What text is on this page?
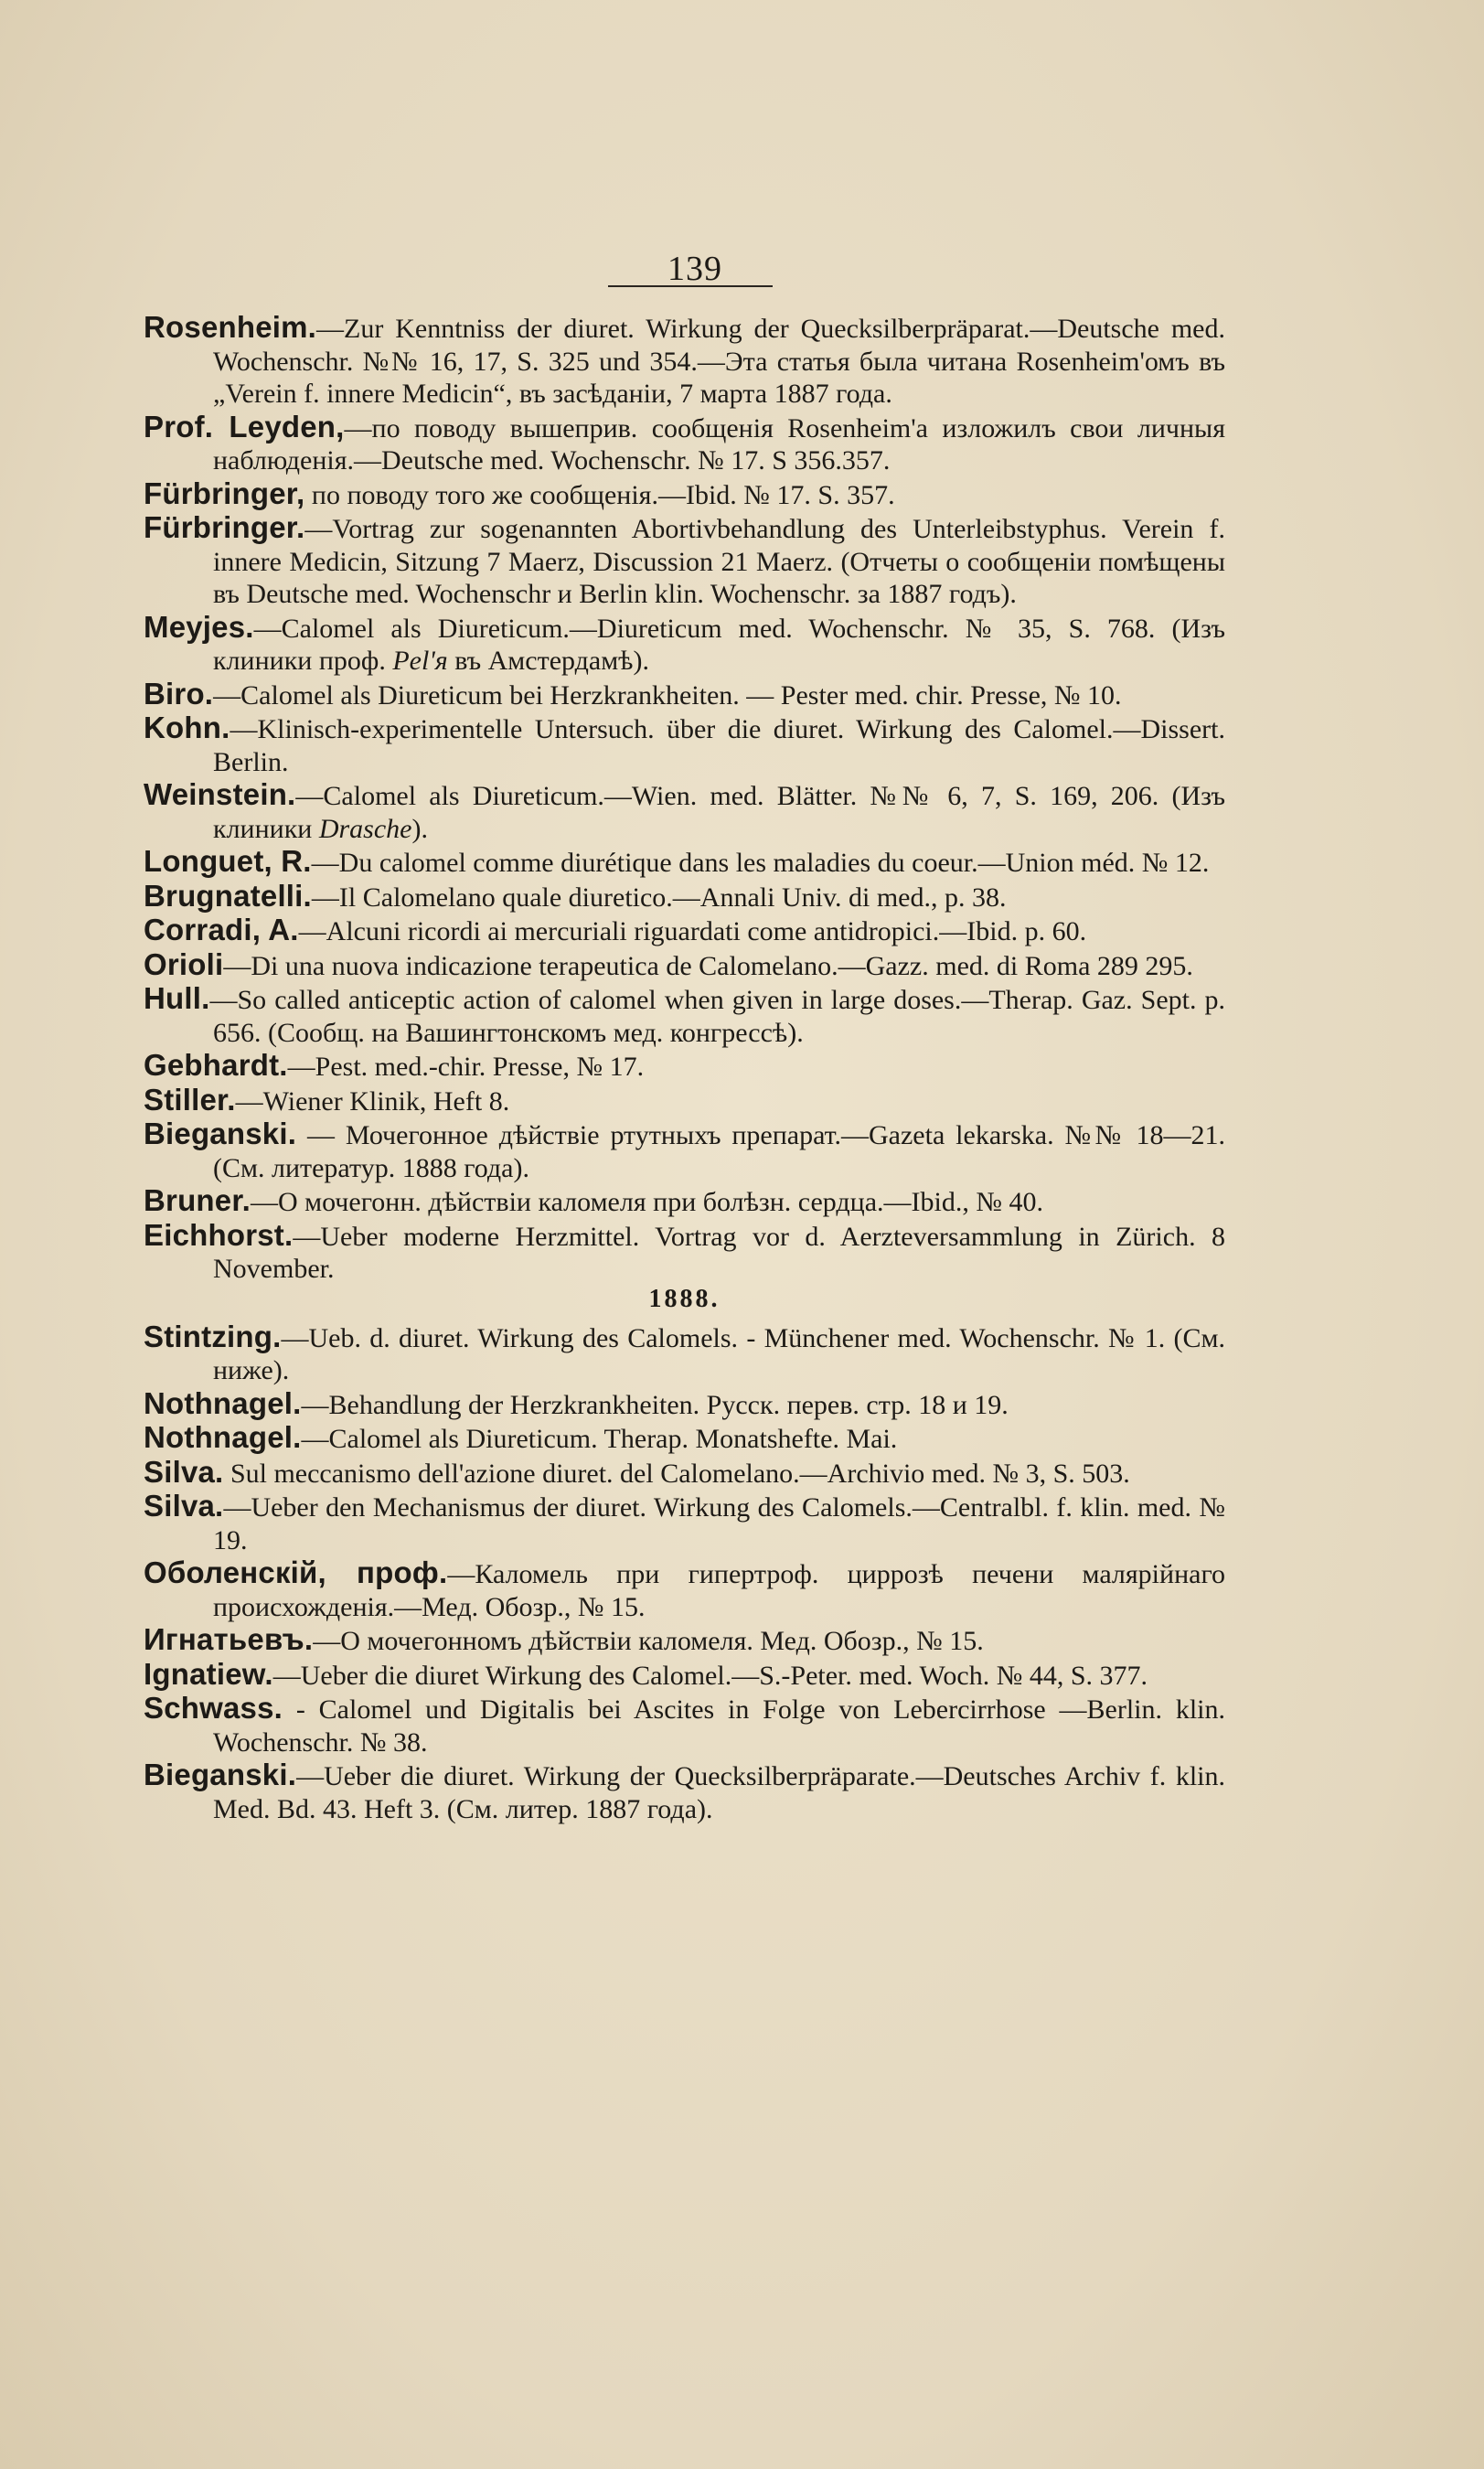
139
Rosenheim.—Zur Kenntniss der diuret. Wirkung der Quecksilberpräparat.—Deutsche med. Wochenschr. №№ 16, 17, S. 325 und 354.—Эта статья была читана Rosenheim'омъ въ „Verein f. innere Medicin“, въ засѣданіи, 7 марта 1887 года.
Prof. Leyden,—по поводу вышеприв. сообщенія Rosenheim'а изложилъ свои личныя наблюденія.—Deutsche med. Wochenschr. № 17. S 356.357.
Fürbringer, по поводу того же сообщенія.—Ibid. № 17. S. 357.
Fürbringer.—Vortrag zur sogenannten Abortivbehandlung des Unterleibstyphus. Verein f. innere Medicin, Sitzung 7 Maerz, Discussion 21 Maerz. (Отчеты о сообщеніи помѣщены въ Deutsche med. Wochenschr и Berlin klin. Wochenschr. за 1887 годъ).
Meyjes.—Calomel als Diureticum.—Diureticum med. Wochenschr. № 35, S. 768. (Изъ клиники проф. Pel'я въ Амстердамѣ).
Biro.—Calomel als Diureticum bei Herzkrankheiten. — Pester med. chir. Presse, № 10.
Kohn.—Klinisch-experimentelle Untersuch. über die diuret. Wirkung des Calomel.—Dissert. Berlin.
Weinstein.—Calomel als Diureticum.—Wien. med. Blätter. №№ 6, 7, S. 169, 206. (Изъ клиники Drasche).
Longuet, R.—Du calomel comme diurétique dans les maladies du coeur.—Union méd. № 12.
Brugnatelli.—Il Calomelano quale diuretico.—Annali Univ. di med., p. 38.
Corradi, A.—Alcuni ricordi ai mercuriali riguardati come antidropici.—Ibid. p. 60.
Orioli—Di una nuova indicazione terapeutica de Calomelano.—Gazz. med. di Roma 289 295.
Hull.—So called anticeptic action of calomel when given in large doses.—Therap. Gaz. Sept. p. 656. (Сообщ. на Вашингтонскомъ мед. конгрессѣ).
Gebhardt.—Pest. med.-chir. Presse, № 17.
Stiller.—Wiener Klinik, Heft 8.
Bieganski. — Мочегонное дѣйствіе ртутныхъ препарат.—Gazeta lekarska. №№ 18—21. (См. литератур. 1888 года).
Bruner.—О мочегонн. дѣйствіи каломеля при болѣзн. сердца.—Ibid., № 40.
Eichhorst.—Ueber moderne Herzmittel. Vortrag vor d. Aerzteversammlung in Zürich. 8 November.
1888.
Stintzing.—Ueb. d. diuret. Wirkung des Calomels. - Münchener med. Wochenschr. № 1. (См. ниже).
Nothnagel.—Behandlung der Herzkrankheiten. Русск. перев. стр. 18 и 19.
Nothnagel.—Calomel als Diureticum. Therap. Monatshefte. Mai.
Silva. Sul meccanismo dell'azione diuret. del Calomelano.—Archivio med. № 3, S. 503.
Silva.—Ueber den Mechanismus der diuret. Wirkung des Calomels.—Centralbl. f. klin. med. № 19.
Оболенскій, проф.—Каломель при гипертроф. циррозѣ печени малярійнаго происхожденія.—Мед. Обозр., № 15.
Игнатьевъ.—О мочегонномъ дѣйствіи каломеля. Мед. Обозр., № 15.
Ignatiew.—Ueber die diuret Wirkung des Calomel.—S.-Peter. med. Woch. № 44, S. 377.
Schwass. - Calomel und Digitalis bei Ascites in Folge von Lebercirrhose —Berlin. klin. Wochenschr. № 38.
Bieganski.—Ueber die diuret. Wirkung der Quecksilberpräparate.—Deutsches Archiv f. klin. Med. Bd. 43. Heft 3. (См. литер. 1887 года).
